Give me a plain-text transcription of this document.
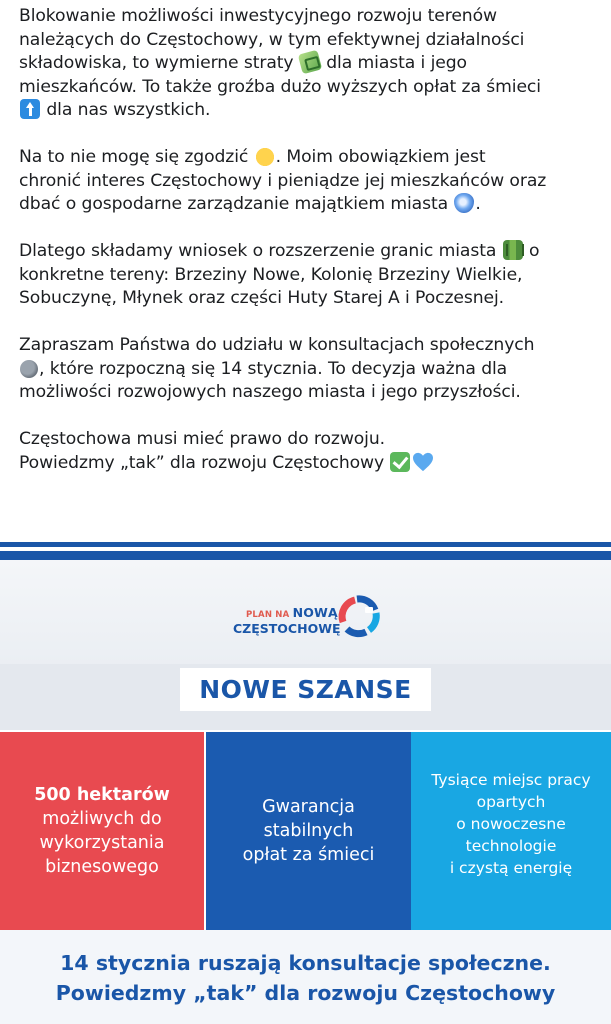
Blokowanie możliwości inwestycyjnego rozwoju terenów
należących do Częstochowy, w tym efektywnej działalności
składowiska, to wymierne straty  dla miasta i jego
mieszkańców. To także groźba dużo wyższych opłat za śmieci
dla nas wszystkich.
Na to nie mogę się zgodzić . Moim obowiązkiem jest
chronić interes Częstochowy i pieniądze jej mieszkańców oraz
dbać o gospodarne zarządzanie majątkiem miasta .
Dlatego składamy wniosek o rozszerzenie granic miasta  o
konkretne tereny: Brzeziny Nowe, Kolonię Brzeziny Wielkie,
Sobuczynę, Młynek oraz części Huty Starej A i Poczesnej.
Zapraszam Państwa do udziału w konsultacjach społecznych
, które rozpoczną się 14 stycznia. To decyzja ważna dla
możliwości rozwojowych naszego miasta i jego przyszłości.
Częstochowa musi mieć prawo do rozwoju.
Powiedzmy „tak” dla rozwoju Częstochowy
PLAN NA NOWĄ
CZĘSTOCHOWĘ
NOWE SZANSE
500 hektarów
możliwych do
wykorzystania
biznesowego
Gwarancja
stabilnych
opłat za śmieci
Tysiące miejsc pracy
opartych
o nowoczesne
technologie
i czystą energię
14 stycznia ruszają konsultacje społeczne.
Powiedzmy „tak” dla rozwoju Częstochowy
